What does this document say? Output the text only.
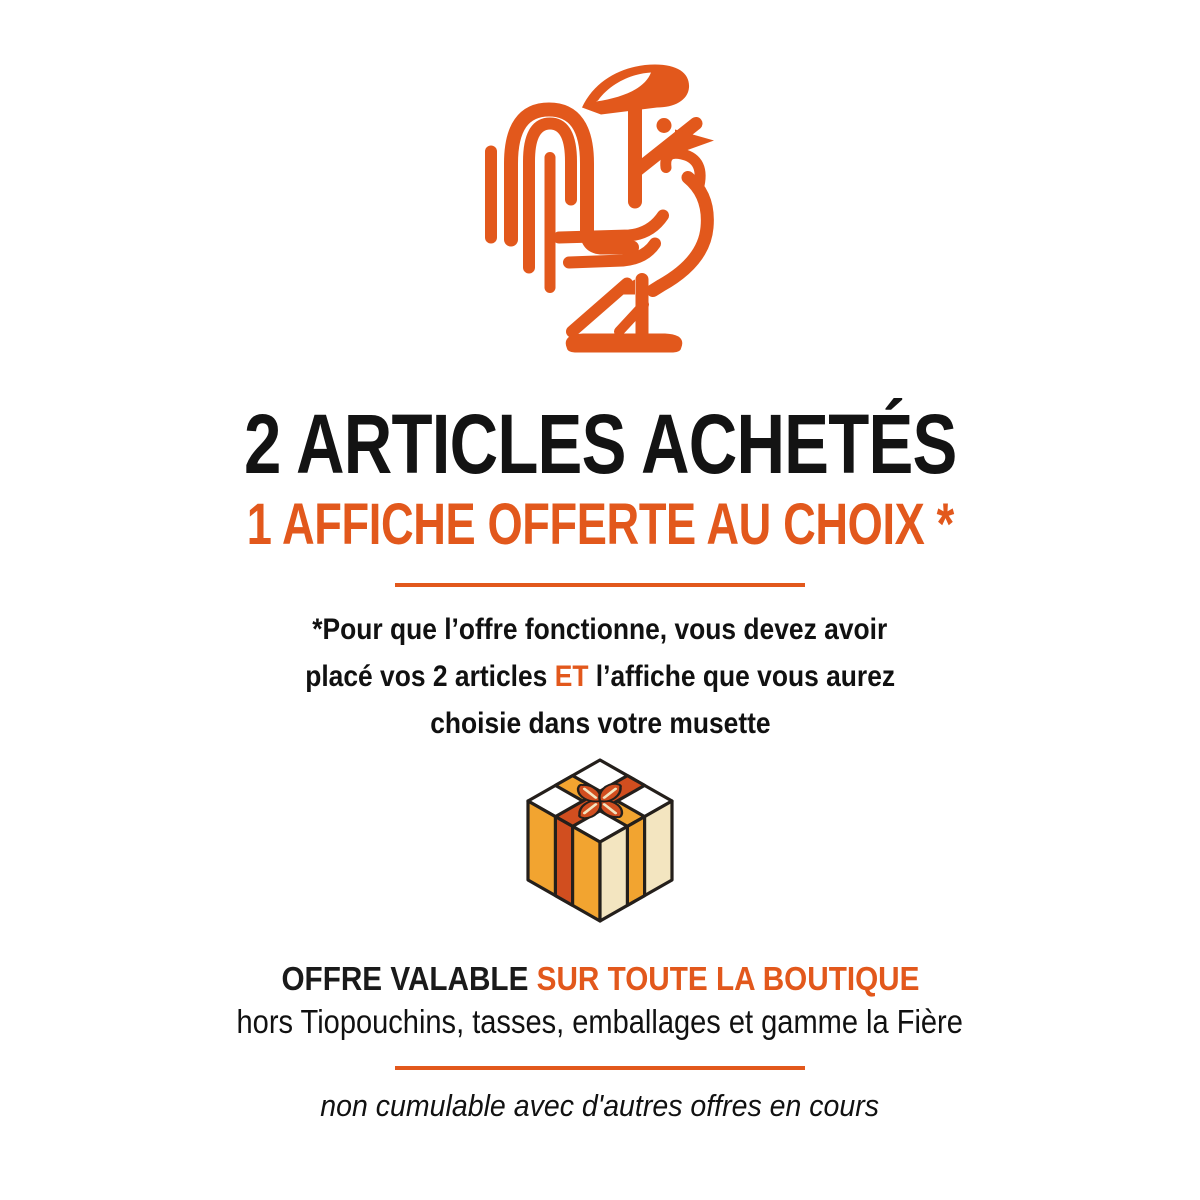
2 ARTICLES ACHETÉS
1 AFFICHE OFFERTE AU CHOIX *
*Pour que l’offre fonctionne, vous devez avoir
placé vos 2 articles ET l’affiche que vous aurez
choisie dans votre musette
OFFRE VALABLE SUR TOUTE LA BOUTIQUE
hors Tiopouchins, tasses, emballages et gamme la Fière
non cumulable avec d'autres offres en cours
